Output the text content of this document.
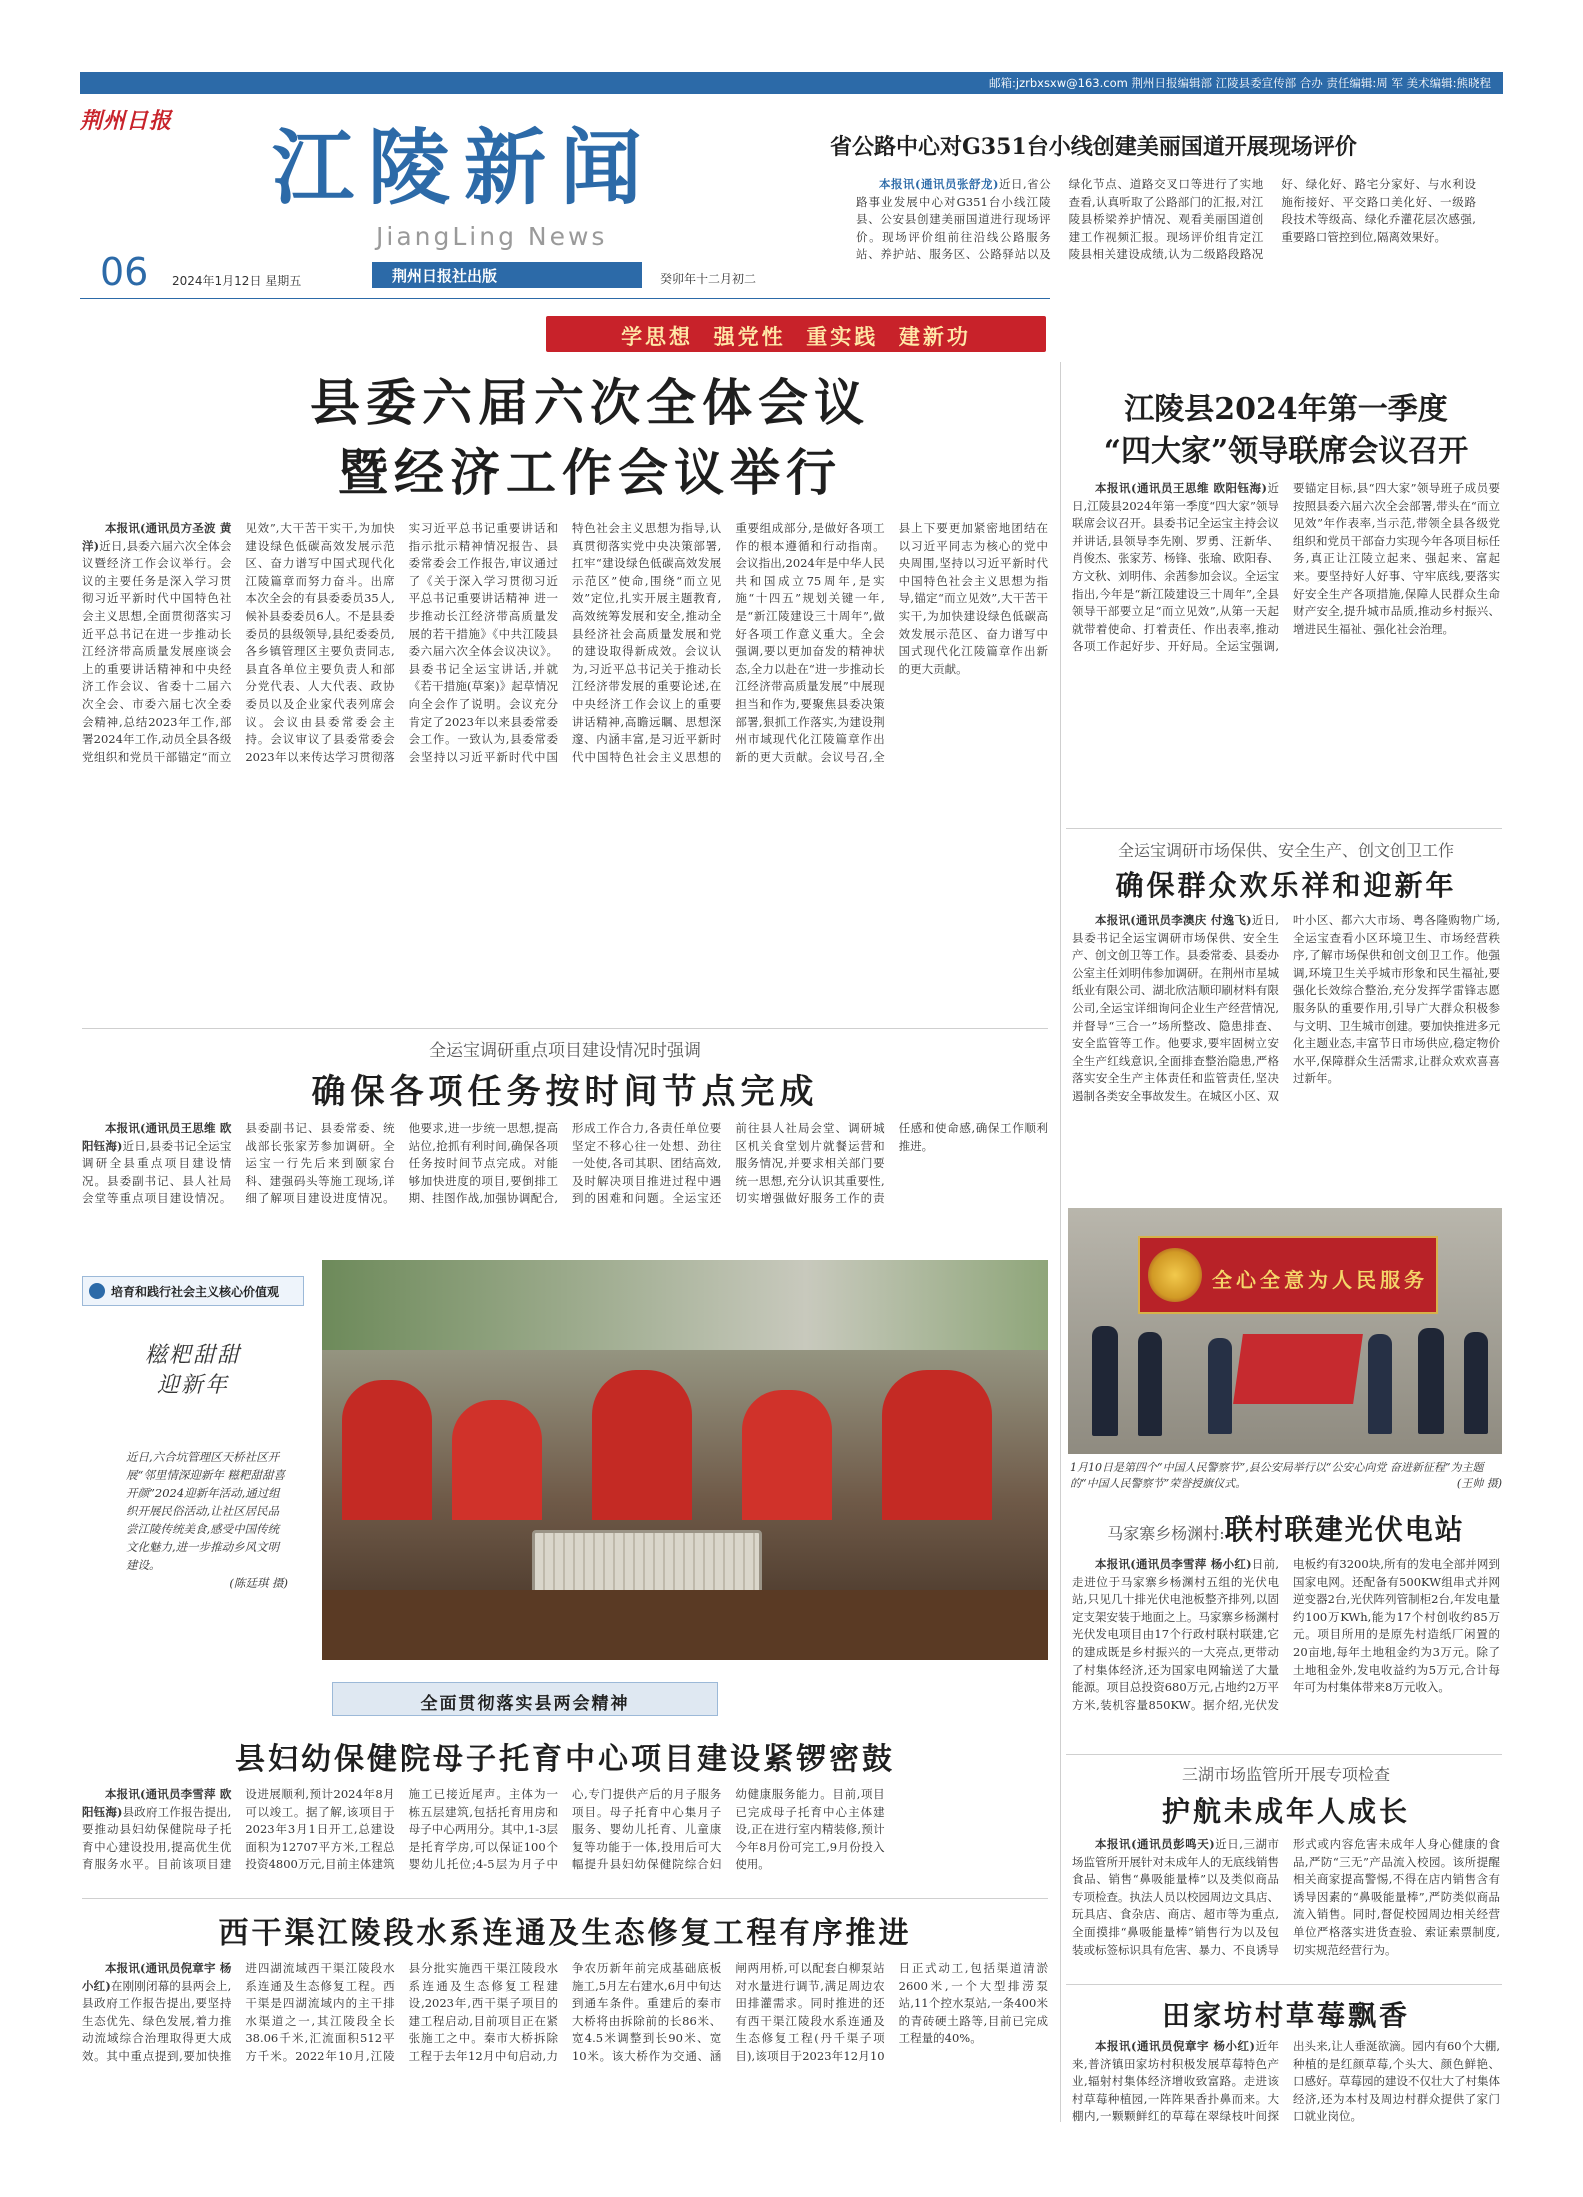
邮箱:jzrbxsxw@163.com 荆州日报编辑部 江陵县委宣传部 合办 责任编辑:周 军 美术编辑:熊晓程
荆州日报 江陵新闻
JiangLing News
06 2024年1月12日 星期五	荆州日报社出版	癸卯年十二月初二
省公路中心对G351台小线创建美丽国道开展现场评价

本报讯(通讯员张舒龙)近日,省公路事业发展中心对G351台小线江陵县、公安县创建美丽国道进行现场评价。现场评价组前往沿线公路服务站、养护站、服务区、公路驿站以及绿化节点、道路交叉口等进行了实地查看,认真听取了公路部门的汇报,对江陵县桥梁养护情况、观看美丽国道创建工作视频汇报。现场评价组肯定江陵县相关建设成绩,认为二级路段路况好、绿化好、路宅分家好、与水利设施衔接好、平交路口美化好、一级路段技术等级高、绿化乔灌花层次感强,重要路口管控到位,隔离效果好。

学思想  强党性  重实践  建新功
县委六届六次全体会议
暨经济工作会议举行

本报讯(通讯员方圣波 黄洋)近日,县委六届六次全体会议暨经济工作会议举行。会议的主要任务是深入学习贯彻习近平新时代中国特色社会主义思想,全面贯彻落实习近平总书记在进一步推动长江经济带高质量发展座谈会上的重要讲话精神和中央经济工作会议、省委十二届六次全会、市委六届七次全委会精神,总结2023年工作,部署2024年工作,动员全县各级党组织和党员干部锚定“而立见效”,大干苦干实干,为加快建设绿色低碳高效发展示范区、奋力谱写中国式现代化江陵篇章而努力奋斗。出席本次全会的有县委委员35人,候补县委委员6人。不是县委委员的县级领导,县纪委委员,各乡镇管理区主要负责同志,县直各单位主要负责人和部分党代表、人大代表、政协委员以及企业家代表列席会议。会议由县委常委会主持。会议审议了县委常委会2023年以来传达学习贯彻落实习近平总书记重要讲话和指示批示精神情况报告、县委常委会工作报告,审议通过了《关于深入学习贯彻习近平总书记重要讲话精神 进一步推动长江经济带高质量发展的若干措施》《中共江陵县委六届六次全体会议决议》。县委书记全运宝讲话,并就《若干措施(草案)》起草情况向全会作了说明。会议充分肯定了2023年以来县委常委会工作。一致认为,县委常委会坚持以习近平新时代中国特色社会主义思想为指导,认真贯彻落实党中央决策部署,扛牢“建设绿色低碳高效发展示范区”使命,围绕“而立见效”定位,扎实开展主题教育,高效统筹发展和安全,推动全县经济社会高质量发展和党的建设取得新成效。会议认为,习近平总书记关于推动长江经济带发展的重要论述,在中央经济工作会议上的重要讲话精神,高瞻远瞩、思想深邃、内涵丰富,是习近平新时代中国特色社会主义思想的重要组成部分,是做好各项工作的根本遵循和行动指南。会议指出,2024年是中华人民共和国成立75周年,是实施“十四五”规划关键一年,是“新江陵建设三十周年”,做好各项工作意义重大。全会强调,要以更加奋发的精神状态,全力以赴在“进一步推动长江经济带高质量发展”中展现担当和作为,要聚焦县委决策部署,狠抓工作落实,为建设荆州市域现代化江陵篇章作出新的更大贡献。会议号召,全县上下要更加紧密地团结在以习近平同志为核心的党中央周围,坚持以习近平新时代中国特色社会主义思想为指导,锚定“而立见效”,大干苦干实干,为加快建设绿色低碳高效发展示范区、奋力谱写中国式现代化江陵篇章作出新的更大贡献。

江陵县2024年第一季度
“四大家”领导联席会议召开

本报讯(通讯员王思维 欧阳钰海)近日,江陵县2024年第一季度“四大家”领导联席会议召开。县委书记全运宝主持会议并讲话,县领导李先刚、罗勇、汪新华、肖俊杰、张家芳、杨锋、张瑜、欧阳春、方文秋、刘明伟、余茜参加会议。全运宝指出,今年是“新江陵建设三十周年”,全县领导干部要立足“而立见效”,从第一天起就带着使命、打着责任、作出表率,推动各项工作起好步、开好局。全运宝强调,要锚定目标,县“四大家”领导班子成员要按照县委六届六次全会部署,带头在“而立见效”年作表率,当示范,带领全县各级党组织和党员干部奋力实现今年各项目标任务,真正让江陵立起来、强起来、富起来。要坚持好人好事、守牢底线,要落实好安全生产各项措施,保障人民群众生命财产安全,提升城市品质,推动乡村振兴、增进民生福祉、强化社会治理。

全运宝调研市场保供、安全生产、创文创卫工作
确保群众欢乐祥和迎新年

本报讯(通讯员李澳庆 付逸飞)近日,县委书记全运宝调研市场保供、安全生产、创文创卫等工作。县委常委、县委办公室主任刘明伟参加调研。在荆州市星城纸业有限公司、湖北欣洁顺印刷材料有限公司,全运宝详细询问企业生产经营情况,并督导“三合一”场所整改、隐患排查、安全监管等工作。他要求,要牢固树立安全生产红线意识,全面排查整治隐患,严格落实安全生产主体责任和监管责任,坚决遏制各类安全事故发生。在城区小区、双叶小区、都六大市场、粤各隆购物广场,全运宝查看小区环境卫生、市场经营秩序,了解市场保供和创文创卫工作。他强调,环境卫生关乎城市形象和民生福祉,要强化长效综合整治,充分发挥学雷锋志愿服务队的重要作用,引导广大群众积极参与文明、卫生城市创建。要加快推进多元化主题业态,丰富节日市场供应,稳定物价水平,保障群众生活需求,让群众欢欢喜喜过新年。

全心全意为人民服务
1月10日是第四个“中国人民警察节”,县公安局举行以“公安心向党 奋进新征程”为主题的“中国人民警察节”荣誉授旗仪式。	(王帅 摄)
马家寨乡杨渊村:联村联建光伏电站

本报讯(通讯员李雪萍 杨小红)日前,走进位于马家寨乡杨渊村五组的光伏电站,只见几十排光伏电池板整齐排列,以固定支架安装于地面之上。马家寨乡杨渊村光伏发电项目由17个行政村联村联建,它的建成既是乡村振兴的一大亮点,更带动了村集体经济,还为国家电网输送了大量能源。项目总投资680万元,占地约2万平方米,装机容量850KW。据介绍,光伏发电板约有3200块,所有的发电全部并网到国家电网。还配备有500KW组串式并网逆变器2台,光伏阵列管制柜2台,年发电量约100万KWh,能为17个村创收约85万元。项目所用的是原先村造纸厂闲置的20亩地,每年土地租金约为3万元。除了土地租金外,发电收益约为5万元,合计每年可为村集体带来8万元收入。

三湖市场监管所开展专项检查
护航未成年人成长

本报讯(通讯员彭鸣天)近日,三湖市场监管所开展针对未成年人的无底线销售食品、销售“鼻吸能量棒”以及类似商品专项检查。执法人员以校园周边文具店、玩具店、食杂店、商店、超市等为重点,全面摸排“鼻吸能量棒”销售行为以及包装或标签标识具有危害、暴力、不良诱导形式或内容危害未成年人身心健康的食品,严防“三无”产品流入校园。该所提醒相关商家提高警惕,不得在店内销售含有诱导因素的“鼻吸能量棒”,严防类似商品流入销售。同时,督促校园周边相关经营单位严格落实进货查验、索证索票制度,切实规范经营行为。

田家坊村草莓飘香

本报讯(通讯员倪章宇 杨小红)近年来,普济镇田家坊村积极发展草莓特色产业,辐射村集体经济增收致富路。走进该村草莓种植园,一阵阵果香扑鼻而来。大棚内,一颗颗鲜红的草莓在翠绿枝叶间探出头来,让人垂涎欲滴。园内有60个大棚,种植的是红颜草莓,个头大、颜色鲜艳、口感好。草莓园的建设不仅壮大了村集体经济,还为本村及周边村群众提供了家门口就业岗位。

全运宝调研重点项目建设情况时强调
确保各项任务按时间节点完成

本报讯(通讯员王思维 欧阳钰海)近日,县委书记全运宝调研全县重点项目建设情况。县委副书记、县人社局会堂等重点项目建设情况。县委副书记、县委常委、统战部长张家芳参加调研。全运宝一行先后来到颐家台科、建强码头等施工现场,详细了解项目建设进度情况。他要求,进一步统一思想,提高站位,抢抓有利时间,确保各项任务按时间节点完成。对能够加快进度的项目,要倒排工期、挂图作战,加强协调配合,形成工作合力,各责任单位要坚定不移心往一处想、劲往一处使,各司其职、团结高效,及时解决项目推进过程中遇到的困难和问题。全运宝还前往县人社局会堂、调研城区机关食堂划片就餐运营和服务情况,并要求相关部门要统一思想,充分认识其重要性,切实增强做好服务工作的责任感和使命感,确保工作顺利推进。

培育和践行社会主义核心价值观
糍粑甜甜
迎新年
近日,六合坑管理区天桥社区开展“邻里情深迎新年 糍粑甜甜喜开颜”2024迎新年活动,通过组织开展民俗活动,让社区居民品尝江陵传统美食,感受中国传统文化魅力,进一步推动乡风文明建设。
(陈廷琪 摄)
全面贯彻落实县两会精神
县妇幼保健院母子托育中心项目建设紧锣密鼓

本报讯(通讯员李雪萍 欧阳钰海)县政府工作报告提出,要推动县妇幼保健院母子托育中心建设投用,提高优生优育服务水平。目前该项目建设进展顺利,预计2024年8月可以竣工。据了解,该项目于2023年3月1日开工,总建设面积为12707平方米,工程总投资4800万元,目前主体建筑施工已接近尾声。主体为一栋五层建筑,包括托育用房和母子中心两用分。其中,1-3层是托育学房,可以保证100个婴幼儿托位;4-5层为月子中心,专门提供产后的月子服务项目。母子托育中心集月子服务、婴幼儿托育、儿童康复等功能于一体,投用后可大幅提升县妇幼保健院综合妇幼健康服务能力。目前,项目已完成母子托育中心主体建设,正在进行室内精装修,预计今年8月份可完工,9月份投入使用。

西干渠江陵段水系连通及生态修复工程有序推进

本报讯(通讯员倪章宇 杨小红)在刚刚闭幕的县两会上,县政府工作报告提出,要坚持生态优先、绿色发展,着力推动流域综合治理取得更大成效。其中重点提到,要加快推进四湖流域西干渠江陵段水系连通及生态修复工程。西干渠是四湖流域内的主干排水渠道之一,其江陵段全长38.06千米,汇流面积512平方千米。2022年10月,江陵县分批实施西干渠江陵段水系连通及生态修复工程建设,2023年,西干渠子项目的建工程启动,目前项目正在紧张施工之中。秦市大桥拆除工程于去年12月中旬启动,力争农历新年前完成基础底板施工,5月左右建水,6月中旬达到通车条件。重建后的秦市大桥将由拆除前的长86米、宽4.5米调整到长90米、宽10米。该大桥作为交通、涵闸两用桥,可以配套白柳泵站对水量进行调节,满足周边农田排灌需求。同时推进的还有西干渠江陵段水系连通及生态修复工程(丹千渠子项目),该项目于2023年12月10日正式动工,包括渠道清淤2600米,一个大型排涝泵站,11个控水泵站,一条400米的青砖硬土路等,目前已完成工程量的40%。
